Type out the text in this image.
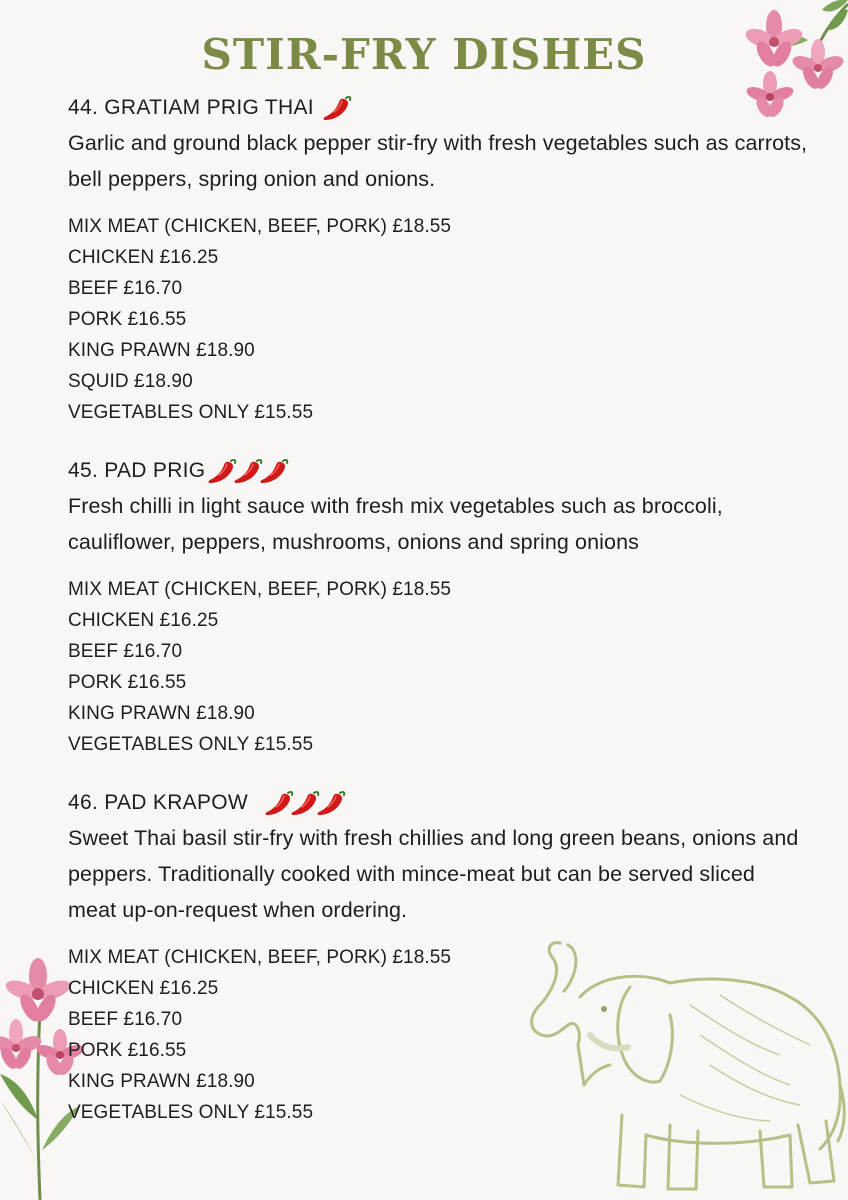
STIR-FRY DISHES
44. GRATIAM PRIG THAI
Garlic and ground black pepper stir-fry with fresh vegetables such as carrots, bell peppers, spring onion and onions.
MIX MEAT (CHICKEN, BEEF, PORK) £18.55
CHICKEN £16.25
BEEF £16.70
PORK £16.55
KING PRAWN £18.90
SQUID £18.90
VEGETABLES ONLY £15.55
45. PAD PRIG
Fresh chilli in light sauce with fresh mix vegetables such as broccoli, cauliflower, peppers, mushrooms, onions and spring onions
MIX MEAT (CHICKEN, BEEF, PORK) £18.55
CHICKEN £16.25
BEEF £16.70
PORK £16.55
KING PRAWN £18.90
VEGETABLES ONLY £15.55
46. PAD KRAPOW
Sweet Thai basil stir-fry with fresh chillies and long green beans, onions and peppers. Traditionally cooked with mince-meat but can be served sliced meat up-on-request when ordering.
MIX MEAT (CHICKEN, BEEF, PORK) £18.55
CHICKEN £16.25
BEEF £16.70
PORK £16.55
KING PRAWN £18.90
VEGETABLES ONLY £15.55
